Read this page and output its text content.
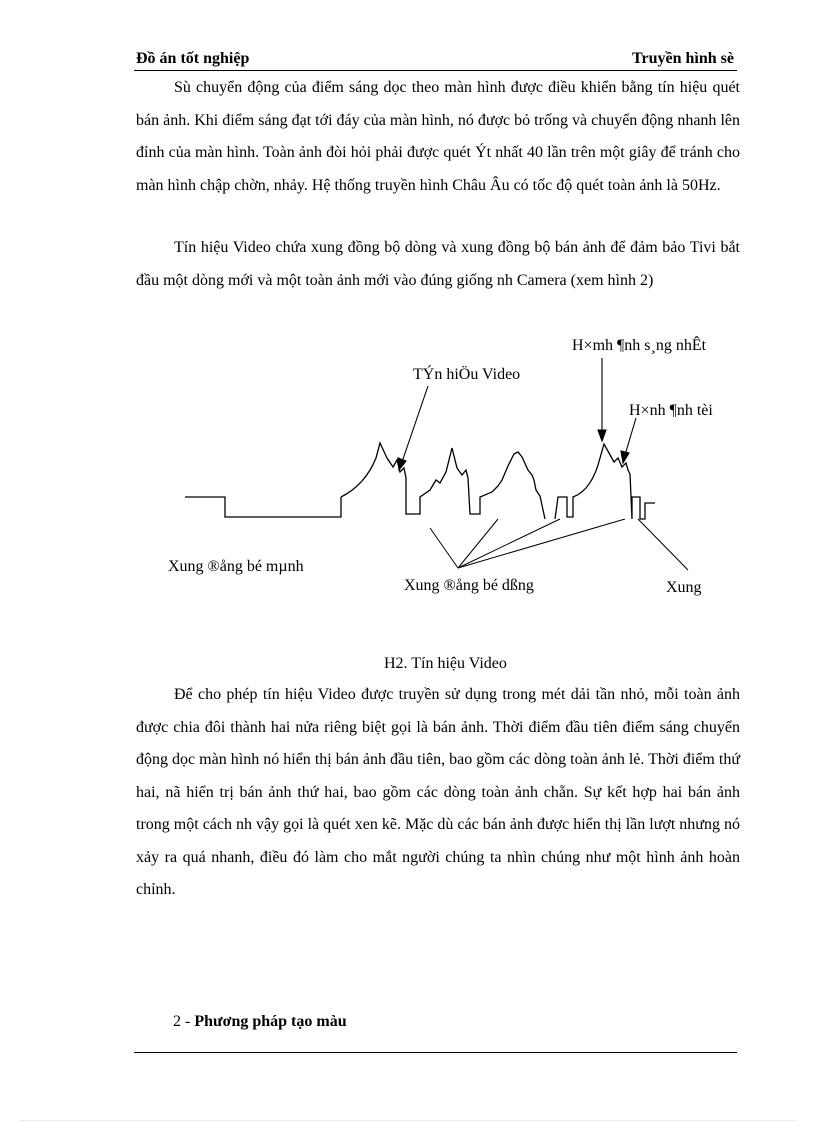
Đồ án tốt nghiệp	Truyền hình sè

Sù chuyển động của điểm sáng dọc theo màn hình được điều khiển bằng tín hiệu quét bán ảnh. Khi điểm sáng đạt tới đáy của màn hình, nó được bỏ trống và chuyển động nhanh lên đỉnh của màn hình. Toàn ảnh đòi hỏi phải được quét Ýt nhất 40 lần trên một giây để tránh cho màn hình chập chờn, nhảy. Hệ thống truyền hình Châu Âu có tốc độ quét toàn ảnh là 50Hz.

Tín hiệu Video chứa xung đồng bộ dòng và xung đồng bộ bán ảnh để đảm bảo Tivi bắt đầu một dòng mới và một toàn ảnh mới vào đúng giống nh Camera (xem hình 2)

TÝn hiÖu Video
H×mh ¶nh s¸ng nhÊt
H×nh ¶nh tèi
Xung ®ång bé mµnh
Xung ®ång bé dßng	Xung
H2. Tín hiệu Video

Để cho phép tín hiệu Video được truyền sử dụng trong mét dải tần nhỏ, mỗi toàn ảnh được chia đôi thành hai nửa riêng biệt gọi là bán ảnh. Thời điểm đầu tiên điểm sáng chuyển động dọc màn hình nó hiển thị bán ảnh đầu tiên, bao gồm các dòng toàn ảnh lẻ. Thời điểm thứ hai, nã hiển trị bán ảnh thứ hai, bao gồm các dòng toàn ảnh chẵn. Sự kết hợp hai bán ảnh trong một cách nh vậy gọi là quét xen kẽ. Mặc dù các bán ảnh được hiển thị lần lượt nhưng nó xảy ra quá nhanh, điều đó làm cho mắt người chúng ta nhìn chúng như một hình ảnh hoàn chỉnh.

2 - Phương pháp tạo màu
